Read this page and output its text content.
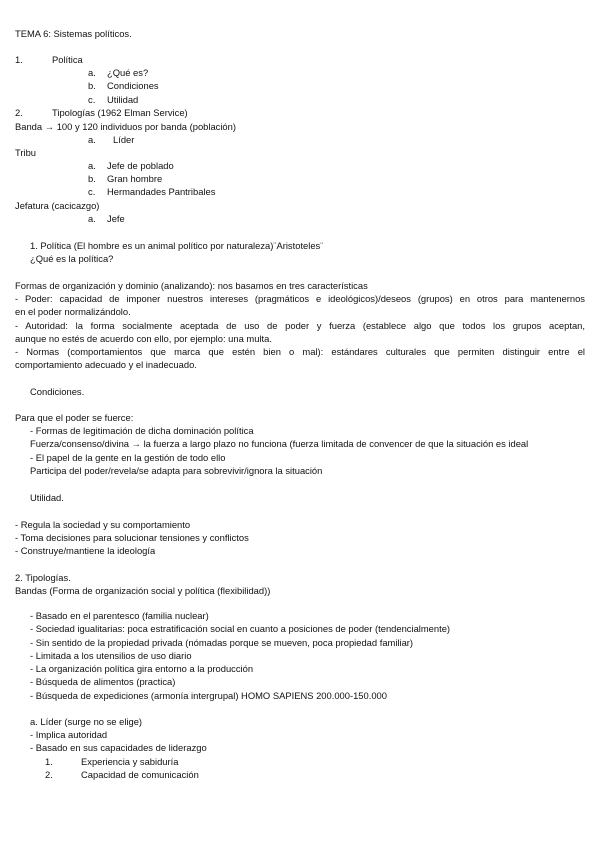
TEMA 6: Sistemas políticos.
1.	Política
a. ¿Qué es?
b. Condiciones
c. Utilidad
2.	Tipologías (1962 Elman Service)
Banda → 100 y 120 individuos por banda (población)
a. Líder
Tribu
a. Jefe de poblado
b. Gran hombre
c. Hermandades Pantribales
Jefatura (cacicazgo)
a. Jefe
1. Política (El hombre es un animal político por naturaleza)¨Aristoteles¨
¿Qué es la política?
Formas de organización y dominio (analizando): nos basamos en tres características
- Poder: capacidad de imponer nuestros intereses (pragmáticos e ideológicos)/deseos (grupos) en otros para mantenernos
en el poder normalizándolo.
- Autoridad: la forma socialmente aceptada de uso de poder y fuerza (establece algo que todos los grupos aceptan,
aunque no estés de acuerdo con ello, por ejemplo: una multa.
- Normas (comportamientos que marca que estén bien o mal): estándares culturales que permiten distinguir entre el
comportamiento adecuado y el inadecuado.
Condiciones.
Para que el poder se fuerce:
- Formas de legitimación de dicha dominación política
Fuerza/consenso/divina → la fuerza a largo plazo no funciona (fuerza limitada de convencer de que la situación es ideal
- El papel de la gente en la gestión de todo ello
Participa del poder/revela/se adapta para sobrevivir/ignora la situación
Utilidad.
- Regula la sociedad y su comportamiento
- Toma decisiones para solucionar tensiones y conflictos
- Construye/mantiene la ideología
2. Tipologías.
Bandas (Forma de organización social y política (flexibilidad))
- Basado en el parentesco (familia nuclear)
- Sociedad igualitarias: poca estratificación social en cuanto a posiciones de poder (tendencialmente)
- Sin sentido de la propiedad privada (nómadas porque se mueven, poca propiedad familiar)
- Limitada a los utensilios de uso diario
- La organización política gira entorno a la producción
- Búsqueda de alimentos (practica)
- Búsqueda de expediciones (armonía intergrupal) HOMO SAPIENS 200.000-150.000
a. Líder (surge no se elige)
- Implica autoridad
- Basado en sus capacidades de liderazgo
1.	Experiencia y sabiduría
2.	Capacidad de comunicación
